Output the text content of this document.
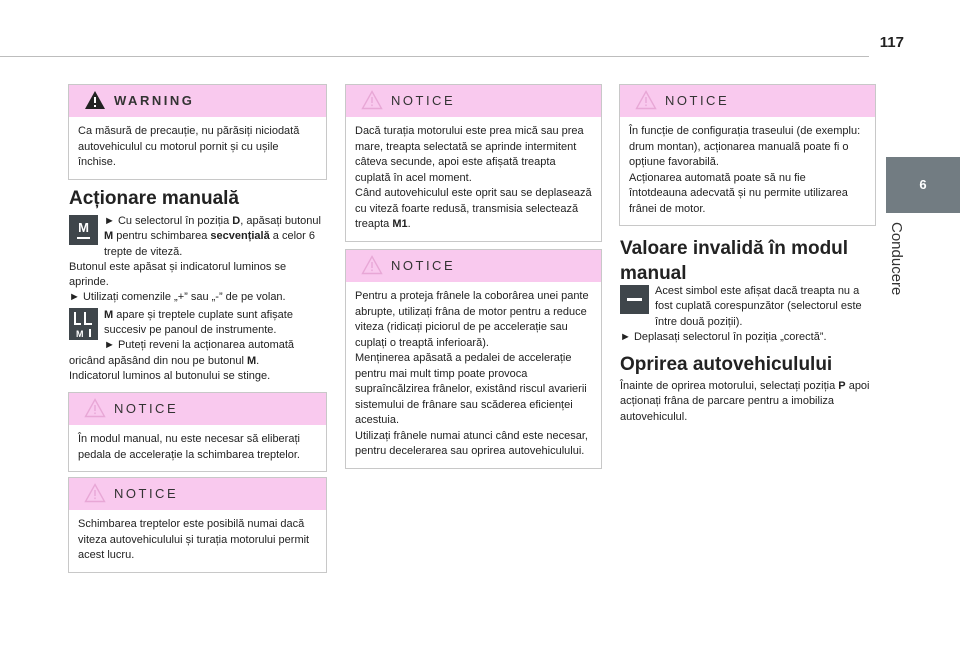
117
6
Conducere
WARNING

Ca măsură de precauție, nu părăsiți niciodată autovehiculul cu motorul pornit și cu ușile închise.

Acționare manuală
M	► Cu selectorul în poziția D, apăsați butonul M pentru schimbarea secvențială a celor 6 trepte de viteză.

Butonul este apăsat și indicatorul luminos se aprinde.

► Utilizați comenzile „+” sau „-” de pe volan.

M

M apare și treptele cuplate sunt afișate succesiv pe panoul de instrumente.

► Puteți reveni la acționarea automată oricând apăsând din nou pe butonul M.

Indicatorul luminos al butonului se stinge.

NOTICE

În modul manual, nu este necesar să eliberați pedala de accelerație la schimbarea treptelor.

NOTICE

Schimbarea treptelor este posibilă numai dacă viteza autovehiculului și turația motorului permit acest lucru.

NOTICE

Dacă turația motorului este prea mică sau prea mare, treapta selectată se aprinde intermitent câteva secunde, apoi este afișată treapta cuplată în acel moment.

Când autovehiculul este oprit sau se deplasează cu viteză foarte redusă, transmisia selectează treapta M1.

NOTICE

Pentru a proteja frânele la coborârea unei pante abrupte, utilizați frâna de motor pentru a reduce viteza (ridicați piciorul de pe accelerație sau cuplați o treaptă inferioară).

Menținerea apăsată a pedalei de accelerație pentru mai mult timp poate provoca supraîncălzirea frânelor, existând riscul avarierii sistemului de frânare sau scăderea eficienței acestuia.

Utilizați frânele numai atunci când este necesar, pentru decelerarea sau oprirea autovehiculului.

NOTICE

În funcție de configurația traseului (de exemplu: drum montan), acționarea manuală poate fi o opțiune favorabilă.

Acționarea automată poate să nu fie întotdeauna adecvată și nu permite utilizarea frânei de motor.

Valoare invalidă în modul manual

Acest simbol este afișat dacă treapta nu a fost cuplată corespunzător (selectorul este între două poziții).

► Deplasați selectorul în poziția „corectă”.

Oprirea autovehiculului

Înainte de oprirea motorului, selectați poziția P apoi acționați frâna de parcare pentru a imobiliza autovehiculul.
